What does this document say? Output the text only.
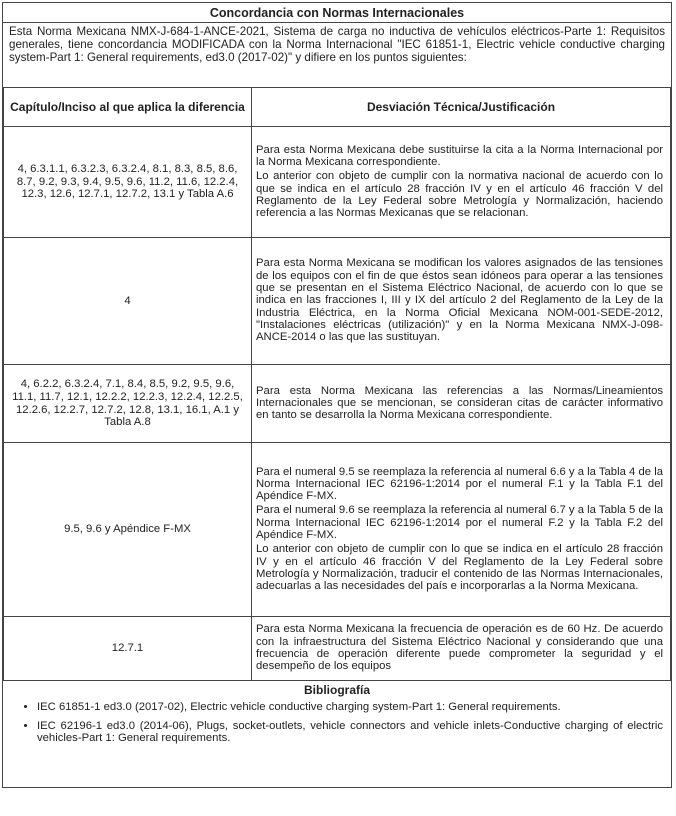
Concordancia con Normas Internacionales
Esta Norma Mexicana NMX-J-684-1-ANCE-2021, Sistema de carga no inductiva de vehículos eléctricos-Parte 1: Requisitos generales, tiene concordancia MODIFICADA con la Norma Internacional "IEC 61851-1, Electric vehicle conductive charging system-Part 1: General requirements, ed3.0 (2017-02)" y difiere en los puntos siguientes:
Capítulo/Inciso al que aplica la diferencia	Desviación Técnica/Justificación
4, 6.3.1.1, 6.3.2.3, 6.3.2.4, 8.1, 8.3, 8.5, 8.6, 8.7, 9.2, 9.3, 9.4, 9.5, 9.6, 11.2, 11.6, 12.2.4, 12.3, 12.6, 12.7.1, 12.7.2, 13.1 y Tabla A.6	Para esta Norma Mexicana debe sustituirse la cita a la Norma Internacional por la Norma Mexicana correspondiente.

Lo anterior con objeto de cumplir con la normativa nacional de acuerdo con lo que se indica en el artículo 28 fracción IV y en el artículo 46 fracción V del Reglamento de la Ley Federal sobre Metrología y Normalización, haciendo referencia a las Normas Mexicanas que se relacionan.

4	Para esta Norma Mexicana se modifican los valores asignados de las tensiones de los equipos con el fin de que éstos sean idóneos para operar a las tensiones que se presentan en el Sistema Eléctrico Nacional, de acuerdo con lo que se indica en las fracciones I, III y IX del artículo 2 del Reglamento de la Ley de la Industria Eléctrica, en la Norma Oficial Mexicana NOM-001-SEDE-2012, "Instalaciones eléctricas (utilización)" y en la Norma Mexicana NMX-J-098-ANCE-2014 o las que las sustituyan.

4, 6.2.2, 6.3.2.4, 7.1, 8.4, 8.5, 9.2, 9.5, 9.6, 11.1, 11.7, 12.1, 12.2.2, 12.2.3, 12.2.4, 12.2.5, 12.2.6, 12.2.7, 12.7.2, 12.8, 13.1, 16.1, A.1 y Tabla A.8	Para esta Norma Mexicana las referencias a las Normas/Lineamientos Internacionales que se mencionan, se consideran citas de carácter informativo en tanto se desarrolla la Norma Mexicana correspondiente.

9.5, 9.6 y Apéndice F-MX	Para el numeral 9.5 se reemplaza la referencia al numeral 6.6 y a la Tabla 4 de la Norma Internacional IEC 62196-1:2014 por el numeral F.1 y la Tabla F.1 del Apéndice F-MX.

Para el numeral 9.6 se reemplaza la referencia al numeral 6.7 y a la Tabla 5 de la Norma Internacional IEC 62196-1:2014 por el numeral F.2 y la Tabla F.2 del Apéndice F-MX.

Lo anterior con objeto de cumplir con lo que se indica en el artículo 28 fracción IV y en el artículo 46 fracción V del Reglamento de la Ley Federal sobre Metrología y Normalización, traducir el contenido de las Normas Internacionales, adecuarlas a las necesidades del país e incorporarlas a la Norma Mexicana.

12.7.1	Para esta Norma Mexicana la frecuencia de operación es de 60 Hz. De acuerdo con la infraestructura del Sistema Eléctrico Nacional y considerando que una frecuencia de operación diferente puede comprometer la seguridad y el desempeño de los equipos

Bibliografía
• IEC 61851-1 ed3.0 (2017-02), Electric vehicle conductive charging system-Part 1: General requirements.
• IEC 62196-1 ed3.0 (2014-06), Plugs, socket-outlets, vehicle connectors and vehicle inlets-Conductive charging of electric vehicles-Part 1: General requirements.
